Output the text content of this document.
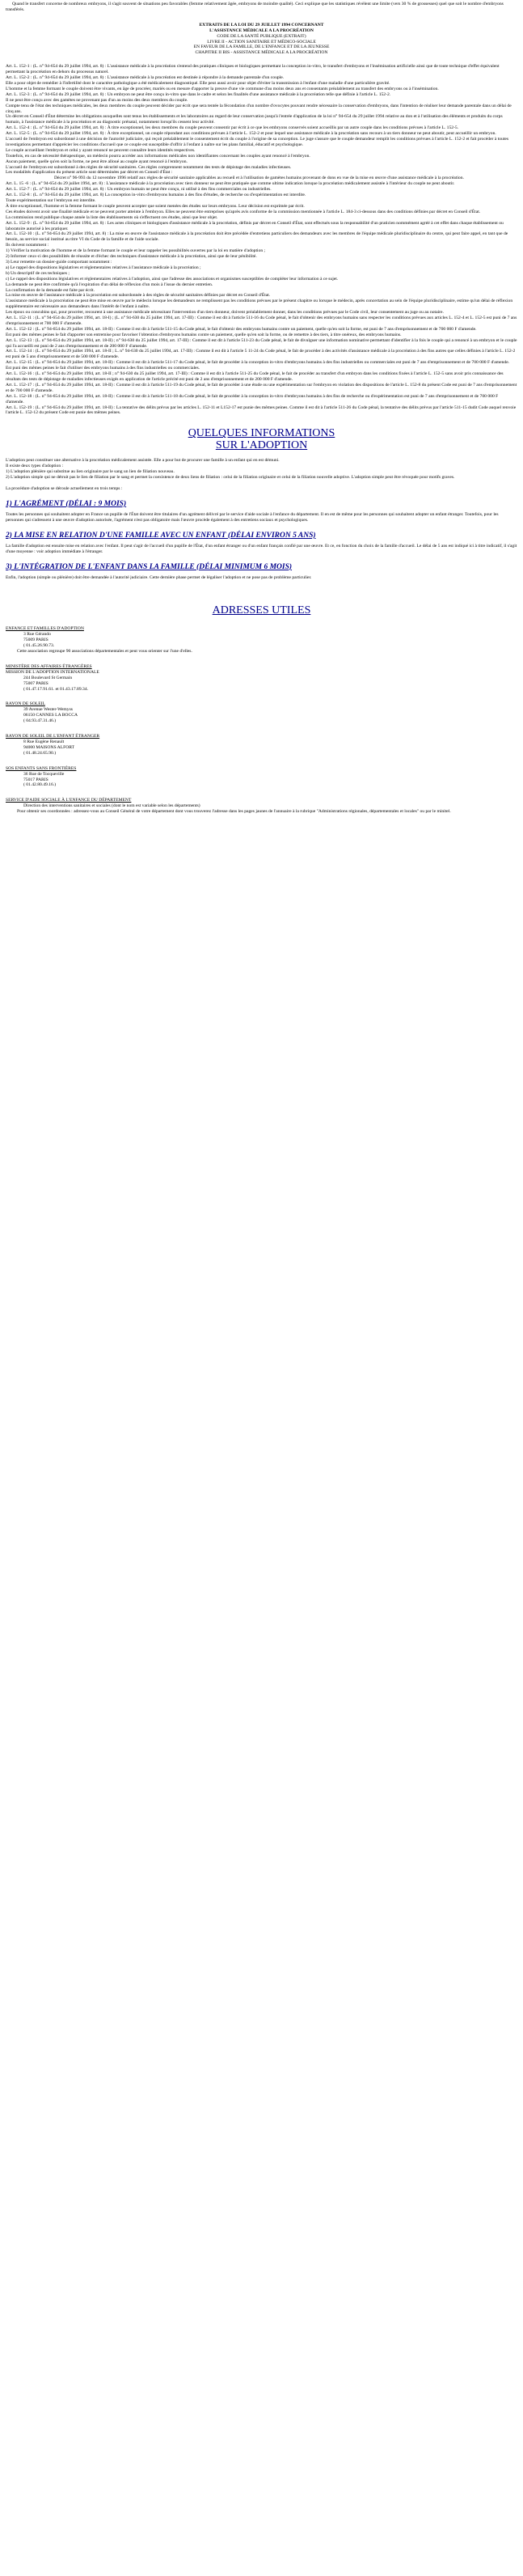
Quand le transfert concerne de nombreux embryons, il s'agit souvent de situations peu favorables (femme relativement âgée, embryons de moindre qualité). Ceci explique que les statistiques révèlent une limite (vers 30 % de grossesses) quel que soit le nombre d'embryons transférés.

EXTRAITS DE LA LOI DU 29 JUILLET 1994 CONCERNANT

L'ASSISTANCE MÉDICALE A LA PROCRÉATION

CODE DE LA SANTÉ PUBLIQUE (EXTRAIT)

LIVRE II - ACTION SANITAIRE ET MÉDICO-SOCIALE

EN FAVEUR DE LA FAMILLE, DE L'ENFANCE ET DE LA JEUNESSE

CHAPITRE II BIS - ASSISTANCE MÉDICALE A LA PROCRÉATION

Art. L. 152-1 : (L. n° 94-654 du 29 juillet 1994, art. 8) : L'assistance médicale à la procréation s'entend des pratiques cliniques et biologiques permettant la conception in-vitro, le transfert d'embryons et l'insémination artificielle ainsi que de toute technique d'effet équivalent permettant la procréation en dehors du processus naturel.

Art. L. 152-2 : (L. n° 94-654 du 29 juillet 1994, art. 8) : L'assistance médicale à la procréation est destinée à répondre à la demande parentale d'un couple.

Elle a pour objet de remédier à l'infertilité dont le caractère pathologique a été médicalement diagnostiqué. Elle peut aussi avoir pour objet d'éviter la transmission à l'enfant d'une maladie d'une particulière gravité.

L'homme et la femme formant le couple doivent être vivants, en âge de procréer, mariés ou en mesure d'apporter la preuve d'une vie commune d'au moins deux ans et consentants préalablement au transfert des embryons ou à l'insémination.

Art. L. 152-3 : (L. n° 94-654 du 29 juillet 1994, art. 8) : Un embryon ne peut être conçu in-vitro que dans le cadre et selon les finalités d'une assistance médicale à la procréation telle que définie à l'article L. 152-2.

Il ne peut être conçu avec des gamètes ne provenant pas d'un au moins des deux membres du couple.

Compte tenu de l'état des techniques médicales, les deux membres du couple peuvent décider par écrit que sera tentée la fécondation d'un nombre d'ovocytes pouvant rendre nécessaire la conservation d'embryons, dans l'intention de réaliser leur demande parentale dans un délai de cinq ans.

Un décret en Conseil d'État détermine les obligations auxquelles sont tenus les établissements et les laboratoires au regard de leur conservation jusqu'à l'entrée d'application de la loi n° 94-654 du 29 juillet 1994 relative au don et à l'utilisation des éléments et produits du corps humain, à l'assistance médicale à la procréation et au diagnostic prénatal, notamment lorsqu'ils cessent leur activité.

Art. L. 152-4 : (L. n° 94-654 du 29 juillet 1994, art. 8) : À titre exceptionnel, les deux membres du couple peuvent consentir par écrit à ce que les embryons conservés soient accueillis par un autre couple dans les conditions prévues à l'article L. 152-5.

Art. L. 152-5 : (L. n° 94-654 du 29 juillet 1994, art. 8) : À titre exceptionnel, un couple répondant aux conditions prévues à l'article L. 152-2 et pour lequel une assistance médicale à la procréation sans recours à un tiers donneur ne peut aboutir, peut accueillir un embryon.

L'accueil de l'embryon est subordonné à une décision de l'autorité judiciaire, qui reçoit préalablement le consentement écrit du couple à l'origine de sa conception. Le juge s'assure que le couple demandeur remplit les conditions prévues à l'article L. 152-2 et fait procéder à toutes investigations permettant d'apprécier les conditions d'accueil que ce couple est susceptible d'offrir à l'enfant à naître sur les plans familial, éducatif et psychologique.

Le couple accueillant l'embryon et celui y ayant renoncé ne peuvent connaître leurs identités respectives.

Toutefois, en cas de nécessité thérapeutique, un médecin pourra accéder aux informations médicales non identifiantes concernant les couples ayant renoncé à l'embryon.

Aucun paiement, quelle qu'en soit la forme, ne peut être alloué au couple ayant renoncé à l'embryon.

L'accueil de l'embryon est subordonné à des règles de sécurité sanitaires. Ces règles comprennent notamment des tests de dépistage des maladies infectieuses.

Les modalités d'application du présent article sont déterminées par décret en Conseil d'État :

Décret n° 96-993 du 12 novembre 1996 relatif aux règles de sécurité sanitaire applicables au recueil et à l'utilisation de gamètes humains provenant de dons en vue de la mise en œuvre d'une assistance médicale à la procréation.

Art. L. 15 -6 : (L. n° 94-654 du 29 juillet 1994, art. 8) : L'assistance médicale à la procréation avec tiers donneur ne peut être pratiquée que comme ultime indication lorsque la procréation médicalement assistée à l'intérieur du couple ne peut aboutir.

Art. L. 152-7 : (L. n° 94-654 du 29 juillet 1994, art. 8) : Un embryon humain ne peut être conçu, ni utilisé à des fins commerciales ou industrielles.

Art. L. 152-8 : (L. n° 94-654 du 29 juillet 1994, art. 8) La conception in-vitro d'embryons humains à des fins d'études, de recherche ou d'expérimentation est interdite.

Toute expérimentation sur l'embryon est interdite.

À titre exceptionnel, l'homme et la femme formant le couple peuvent accepter que soient menées des études sur leurs embryons. Leur décision est exprimée par écrit.

Ces études doivent avoir une finalité médicale et ne peuvent porter atteinte à l'embryon. Elles ne peuvent être entreprises qu'après avis conforme de la commission mentionnée à l'article L. 184-3 ci-dessous dans des conditions définies par décret en Conseil d'État.

La commission rend publique chaque année la liste des établissements où s'effectuent ces études, ainsi que leur objet.

Art. L. 152-9 : (L. n° 94-654 du 29 juillet 1994, art. 8) : Les actes cliniques et biologiques d'assistance médicale à la procréation, définis par décret en Conseil d'État, sont effectués sous la responsabilité d'un praticien nommément agréé à cet effet dans chaque établissement ou laboratoire autorisé à les pratiquer.

Art. L. 152-10 : (L. n° 94-654 du 29 juillet 1994, art. 8) : La mise en œuvre de l'assistance médicale à la procréation doit être précédée d'entretiens particuliers des demandeurs avec les membres de l'équipe médicale pluridisciplinaire du centre, qui peut faire appel, en tant que de besoin, au service social institué au titre VI du Code de la famille et de l'aide sociale.

Ils doivent notamment :

1) Vérifier la motivation de l'homme et de la femme formant le couple et leur rappeler les possibilités ouvertes par la loi en matière d'adoption ;

2) Informer ceux-ci des possibilités de réussite et d'échec des techniques d'assistance médicale à la procréation, ainsi que de leur pénibilité.

3) Leur remettre un dossier-guide comportant notamment :

a) Le rappel des dispositions législatives et réglementaires relatives à l'assistance médicale à la procréation ;

b) Un descriptif de ces techniques ;

c) Le rappel des dispositions législatives et réglementaires relatives à l'adoption, ainsi que l'adresse des associations et organismes susceptibles de compléter leur information à ce sujet.

La demande ne peut être confirmée qu'à l'expiration d'un délai de réflexion d'un mois à l'issue du dernier entretien.

La confirmation de la demande est faite par écrit.

La mise en œuvre de l'assistance médicale à la procréation est subordonnée à des règles de sécurité sanitaires définies par décret en Conseil d'État.

L'assistance médicale à la procréation ne peut être mise en œuvre par le médecin lorsque les demandeurs ne remplissent pas les conditions prévues par le présent chapitre ou lorsque le médecin, après concertation au sein de l'équipe pluridisciplinaire, estime qu'un délai de réflexion supplémentaire est nécessaire aux demandeurs dans l'intérêt de l'enfant à naître.

Les époux ou concubins qui, pour procréer, recourent à une assistance médicale nécessitant l'intervention d'un tiers donneur, doivent préalablement donner, dans les conditions prévues par le Code civil, leur consentement au juge ou au notaire.

Art. L. 152-11 : (L. n° 94-654 du 29 juillet 1994, art. 18-I) ; (L. n° 94-630 du 25 juillet 1994, art. 17-III) : Comme il est dit à l'article 511-16 du Code pénal, le fait d'obtenir des embryons humains sans respecter les conditions prévues aux articles L. 152-4 et L. 152-5 est puni de 7 ans d'emprisonnement et 700 000 F d'amende.

Art. L. 152-12 : (L. n° 94-654 du 29 juillet 1994, art. 18-II) : Comme il est dit à l'article 511-15 du Code pénal, le fait d'obtenir des embryons humains contre un paiement, quelle qu'en soit la forme, est puni de 7 ans d'emprisonnement et de 700 000 F d'amende.

Est puni des mêmes peines le fait d'apporter son entremise pour favoriser l'obtention d'embryons humains contre un paiement, quelle qu'en soit la forme, ou de remettre à des tiers, à titre onéreux, des embryons humains.

Art. L. 152-13 : (L. n° 94-654 du 29 juillet 1994, art. 18-II) ; n° 94-630 du 25 juillet 1994, art. 17-III) : Comme il est dit à l'article 511-23 du Code pénal, le fait de divulguer une information nominative permettant d'identifier à la fois le couple qui a renoncé à un embryon et le couple qui l'a accueilli est puni de 2 ans d'emprisonnement et de 200 000 F d'amende.

Art. L. 152-14 : (L. n° 94-654 du 29 juillet 1994, art. 18-II ; L. n° 94-630 du 25 juillet 1994, art. 17-III) : Comme il est dit à l'article 5 11-24 du Code pénal, le fait de procéder à des activités d'assistance médicale à la procréation à des fins autres que celles définies à l'article L. 152-2 est puni de 5 ans d'emprisonnement et de 500 000 F d'amende.

Art. L. 152-15 : (L. n° 94-654 du 29 juillet 1994, art. 18-II) : Comme il est dit à l'article 511-17 du Code pénal, le fait de procéder à la conception in-vitro d'embryons humains à des fins industrielles ou commerciales est puni de 7 ans d'emprisonnement et de 700 000 F d'amende.

Est puni des mêmes peines le fait d'utiliser des embryons humains à des fins industrielles ou commerciales.

Art. L. 152-16 : (L. n° 94-654 du 29 juillet 1994, art. 18-II ; n° 94-630 du 25 juillet 1994, art. 17-III) : Comme il est dit à l'article 511-25 du Code pénal, le fait de procéder au transfert d'un embryon dans les conditions fixées à l'article L. 152-5 sans avoir pris connaissance des résultats des tests de dépistage de maladies infectieuses exigés en application de l'article précité est puni de 2 ans d'emprisonnement et de 200 000 F d'amende.

Art. L. 152-17 : (L. n° 94-654 du 29 juillet 1994, art. 18-II) : Comme il est dit à l'article 511-19 du Code pénal, le fait de procéder à une étude ou une expérimentation sur l'embryon en violation des dispositions de l'article L. 152-8 du présent Code est puni de 7 ans d'emprisonnement et de 700 000 F d'amende.

Art. L. 152-18 : (L. n° 94-654 du 29 juillet 1994, art. 18-II) : Comme il est dit à l'article 511-18 du Code pénal, le fait de procéder à la conception in-vitro d'embryons humains à des fins de recherche ou d'expérimentation est puni de 7 ans d'emprisonnement et de 700 000 F d'amende.

Art. L. 152-19 : (L. n° 94-654 du 29 juillet 1994, art. 18-II) : La tentative des délits prévus par les articles L. 152-11 et L152-17 est punie des mêmes peines. Comme il est dit à l'article 511-26 du Code pénal, la tentative des délits prévus par l'article 511-15 dudit Code auquel renvoie l'article L. 152-12 du présent Code est punie des mêmes peines.

QUELQUES INFORMATIONS

SUR L'ADOPTION

L'adoption peut constituer une alternative à la procréation médicalement assistée. Elle a pour but de procurer une famille à un enfant qui en est démuni.

Il existe deux types d'adoption :

1) L'adoption plénière qui substitue au lien originaire par le sang un lien de filiation nouveau.

2) L'adoption simple qui ne détruit pas le lien de filiation par le sang et permet la coexistence de deux liens de filiation : celui de la filiation originaire et celui de la filiation nouvelle adoptive. L'adoption simple peut être révoquée pour motifs graves.

La procédure d'adoption se déroule actuellement en trois temps :

1) L'AGRÉMENT (DÉLAI : 9 MOIS)

Toutes les personnes qui souhaitent adopter en France un pupille de l'État doivent être titulaires d'un agrément délivré par le service d'aide sociale à l'enfance du département. Il en est de même pour les personnes qui souhaitent adopter un enfant étranger. Toutefois, pour les personnes qui s'adressent à une œuvre d'adoption autorisée, l'agrément n'est pas obligatoire mais l'œuvre procède également à des entretiens sociaux et psychologiques.

2) LA MISE EN RELATION D'UNE FAMILLE AVEC UN ENFANT (DÉLAI ENVIRON 5 ANS)

La famille d'adoption est ensuite mise en relation avec l'enfant. Il peut s'agir de l'accueil d'un pupille de l'État, d'un enfant étranger ou d'un enfant français confié par une œuvre. Et ce, en fonction du choix de la famille d'accueil. Le délai de 5 ans est indiqué ici à titre indicatif, il s'agit d'une moyenne : voir adoption immédiate à l'étranger.

3) L'INTÉGRATION DE L'ENFANT DANS LA FAMILLE (DÉLAI MINIMUM 6 MOIS)

Enfin, l'adoption (simple ou plénière) doit être demandée à l'autorité judiciaire. Cette dernière phase permet de légaliser l'adoption et ne pose pas de problème particulier.

ADRESSES UTILES

ENFANCE ET FAMILLES D'ADOPTION

3 Rue Gérando

75009 PARIS

( 01.45.26.90.73.

Cette association regroupe 90 associations départementales et peut vous orienter sur l'une d'elles.

MINISTÈRE DES AFFAIRES ÉTRANGÈRES

MISSION DE L'ADOPTION INTERNATIONALE

244 Boulevard St Germain

75007 PARIS

( 01.47.17.91.61. et 01.43.17.89.34.

RAYON DE SOLEIL

39 Avenue Wester-Wemyss

06150 CANNES LA BOCCA

( 04.93.47.31.46.)

RAYON DE SOLEIL DE L'ENFANT ÉTRANGER

8 Rue Eugène Renault

94000 MAISONS ALFORT

( 01.48.24.65.90.)

SOS ENFANTS SANS FRONTIÈRES

36 Rue de Tocqueville

75017 PARIS

( 01.42.80.49.16.)

SERVICE D'AIDE SOCIALE À L'ENFANCE DU DÉPARTEMENT

Direction des interventions sanitaires et sociales (dont le nom est variable selon les départements)

Pour obtenir ses coordonnées : adressez-vous au Conseil Général de votre département dont vous trouverez l'adresse dans les pages jaunes de l'annuaire à la rubrique "Administrations régionales, départementales et locales" ou par le minitel.
